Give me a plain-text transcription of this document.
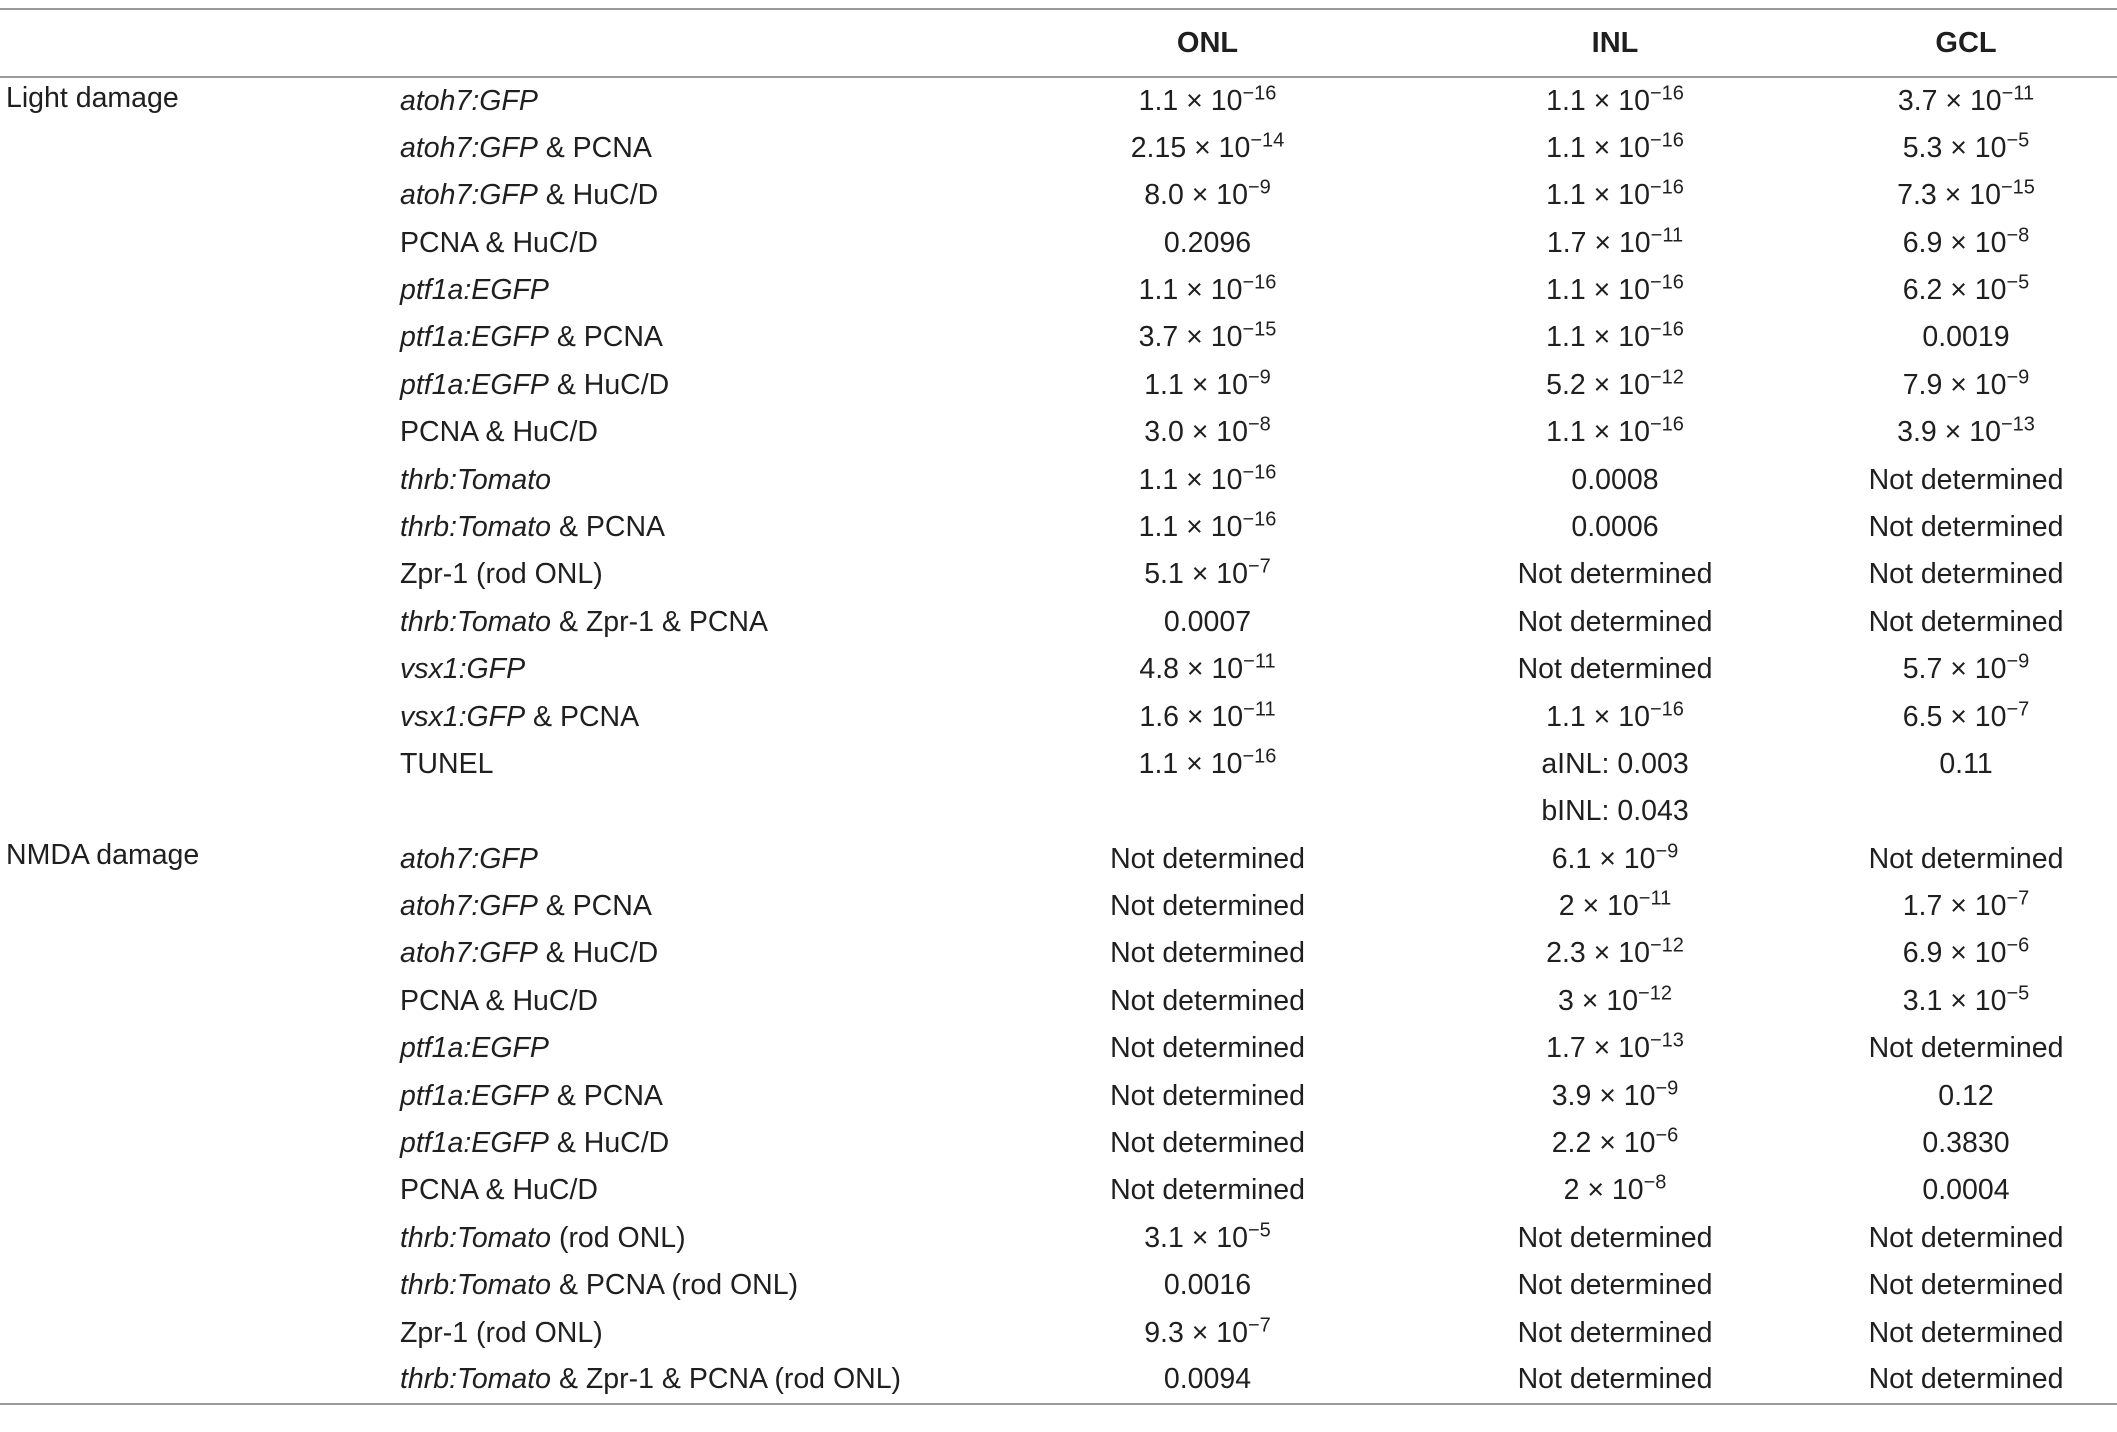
		ONL	INL	GCL
Light damage	atoh7:GFP	$1.1 \times 10^{-16}$	$1.1 \times 10^{-16}$	$3.7 \times 10^{-11}$
	atoh7:GFP & PCNA	$2.15 \times 10^{-14}$	$1.1 \times 10^{-16}$	$5.3 \times 10^{-5}$
	atoh7:GFP & HuC/D	$8.0 \times 10^{-9}$	$1.1 \times 10^{-16}$	$7.3 \times 10^{-15}$
	PCNA & HuC/D	0.2096	$1.7 \times 10^{-11}$	$6.9 \times 10^{-8}$
	ptf1a:EGFP	$1.1 \times 10^{-16}$	$1.1 \times 10^{-16}$	$6.2 \times 10^{-5}$
	ptf1a:EGFP & PCNA	$3.7 \times 10^{-15}$	$1.1 \times 10^{-16}$	0.0019
	ptf1a:EGFP & HuC/D	$1.1 \times 10^{-9}$	$5.2 \times 10^{-12}$	$7.9 \times 10^{-9}$
	PCNA & HuC/D	$3.0 \times 10^{-8}$	$1.1 \times 10^{-16}$	$3.9 \times 10^{-13}$
	thrb:Tomato	$1.1 \times 10^{-16}$	0.0008	Not determined
	thrb:Tomato & PCNA	$1.1 \times 10^{-16}$	0.0006	Not determined
	Zpr-1 (rod ONL)	$5.1 \times 10^{-7}$	Not determined	Not determined
	thrb:Tomato & Zpr-1 & PCNA	0.0007	Not determined	Not determined
	vsx1:GFP	$4.8 \times 10^{-11}$	Not determined	$5.7 \times 10^{-9}$
	vsx1:GFP & PCNA	$1.6 \times 10^{-11}$	$1.1 \times 10^{-16}$	$6.5 \times 10^{-7}$
	TUNEL	$1.1 \times 10^{-16}$	aINL: 0.003	0.11
			bINL: 0.043	
NMDA damage	atoh7:GFP	Not determined	$6.1 \times 10^{-9}$	Not determined
	atoh7:GFP & PCNA	Not determined	$2 \times 10^{-11}$	$1.7 \times 10^{-7}$
	atoh7:GFP & HuC/D	Not determined	$2.3 \times 10^{-12}$	$6.9 \times 10^{-6}$
	PCNA & HuC/D	Not determined	$3 \times 10^{-12}$	$3.1 \times 10^{-5}$
	ptf1a:EGFP	Not determined	$1.7 \times 10^{-13}$	Not determined
	ptf1a:EGFP & PCNA	Not determined	$3.9 \times 10^{-9}$	0.12
	ptf1a:EGFP & HuC/D	Not determined	$2.2 \times 10^{-6}$	0.3830
	PCNA & HuC/D	Not determined	$2 \times 10^{-8}$	0.0004
	thrb:Tomato (rod ONL)	$3.1 \times 10^{-5}$	Not determined	Not determined
	thrb:Tomato & PCNA (rod ONL)	0.0016	Not determined	Not determined
	Zpr-1 (rod ONL)	$9.3 \times 10^{-7}$	Not determined	Not determined
	thrb:Tomato & Zpr-1 & PCNA (rod ONL)	0.0094	Not determined	Not determined
